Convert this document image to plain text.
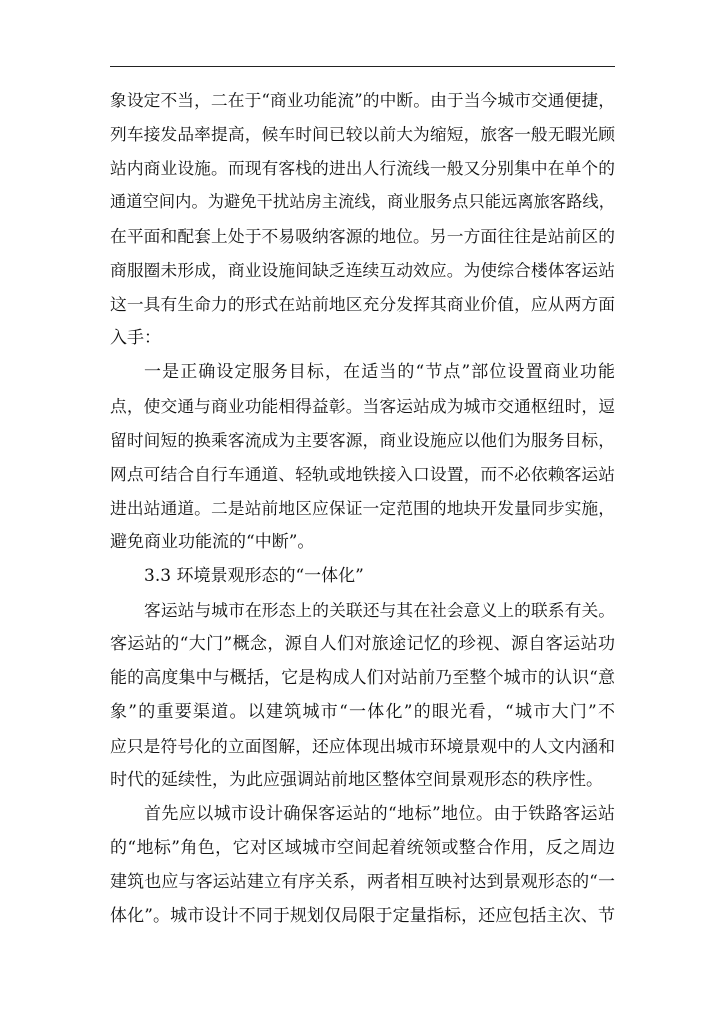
象设定不当，二在于“商业功能流”的中断。由于当今城市交通便捷，
列车接发品率提高，候车时间已较以前大为缩短，旅客一般无暇光顾
站内商业设施。而现有客栈的进出人行流线一般又分别集中在单个的
通道空间内。为避免干扰站房主流线，商业服务点只能远离旅客路线，
在平面和配套上处于不易吸纳客源的地位。另一方面往往是站前区的
商服圈未形成，商业设施间缺乏连续互动效应。为使综合楼体客运站
这一具有生命力的形式在站前地区充分发挥其商业价值，应从两方面
入手：
一是正确设定服务目标，在适当的“节点”部位设置商业功能
点，使交通与商业功能相得益彰。当客运站成为城市交通枢纽时，逗
留时间短的换乘客流成为主要客源，商业设施应以他们为服务目标，
网点可结合自行车通道、轻轨或地铁接入口设置，而不必依赖客运站
进出站通道。二是站前地区应保证一定范围的地块开发量同步实施，
避免商业功能流的“中断”。
3.3 环境景观形态的“一体化”
客运站与城市在形态上的关联还与其在社会意义上的联系有关。
客运站的“大门”概念，源自人们对旅途记忆的珍视、源自客运站功
能的高度集中与概括，它是构成人们对站前乃至整个城市的认识“意
象”的重要渠道。以建筑城市“一体化”的眼光看，“城市大门”不
应只是符号化的立面图解，还应体现出城市环境景观中的人文内涵和
时代的延续性，为此应强调站前地区整体空间景观形态的秩序性。
首先应以城市设计确保客运站的“地标”地位。由于铁路客运站
的“地标”角色，它对区域城市空间起着统领或整合作用，反之周边
建筑也应与客运站建立有序关系，两者相互映衬达到景观形态的“一
体化”。城市设计不同于规划仅局限于定量指标，还应包括主次、节
